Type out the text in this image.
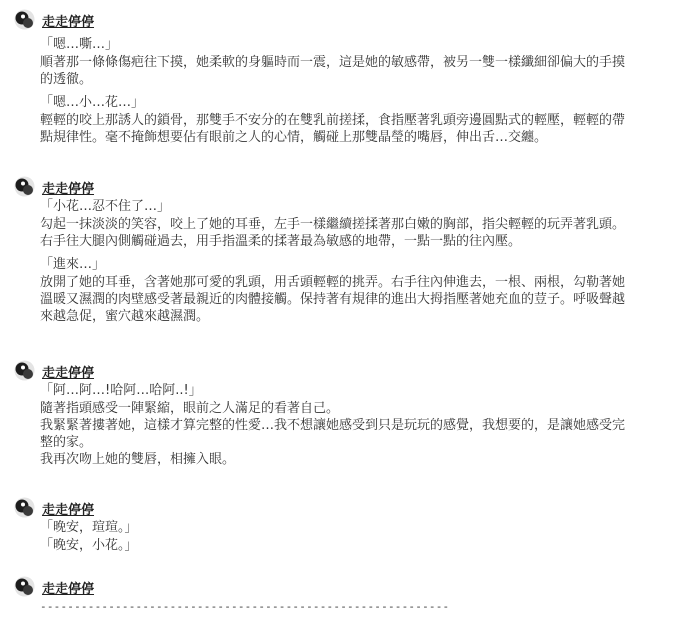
走走停停
「嗯…嘶…」
順著那一條條傷疤往下摸，她柔軟的身軀時而一震，這是她的敏感帶，被另一雙一樣纖細卻偏大的手摸
的透徹。
「嗯…小…花…」
輕輕的咬上那誘人的鎖骨，那雙手不安分的在雙乳前搓揉，食指壓著乳頭旁邊圓點式的輕壓，輕輕的帶
點規律性。毫不掩飾想要佔有眼前之人的心情，觸碰上那雙晶瑩的嘴唇，伸出舌…交纏。
走走停停
「小花…忍不住了…」
勾起一抹淡淡的笑容，咬上了她的耳垂，左手一樣繼續搓揉著那白嫩的胸部，指尖輕輕的玩弄著乳頭。
右手往大腿內側觸碰過去，用手指溫柔的揉著最為敏感的地帶，一點一點的往內壓。
「進來…」
放開了她的耳垂，含著她那可愛的乳頭，用舌頭輕輕的挑弄。右手往內伸進去，一根、兩根，勾勒著她
溫暖又濕潤的肉壁感受著最親近的肉體接觸。保持著有規律的進出大拇指壓著她充血的荳子。呼吸聲越
來越急促，蜜穴越來越濕潤。
走走停停
「阿…阿…!哈阿…哈阿..!」
隨著指頭感受一陣緊縮，眼前之人滿足的看著自己。
我緊緊著摟著她，這樣才算完整的性愛…我不想讓她感受到只是玩玩的感覺，我想要的，是讓她感受完
整的家。
我再次吻上她的雙唇，相擁入眼。
走走停停
「晚安，瑄瑄。」
「晚安，小花。」
走走停停
------------------------------------------------------------
